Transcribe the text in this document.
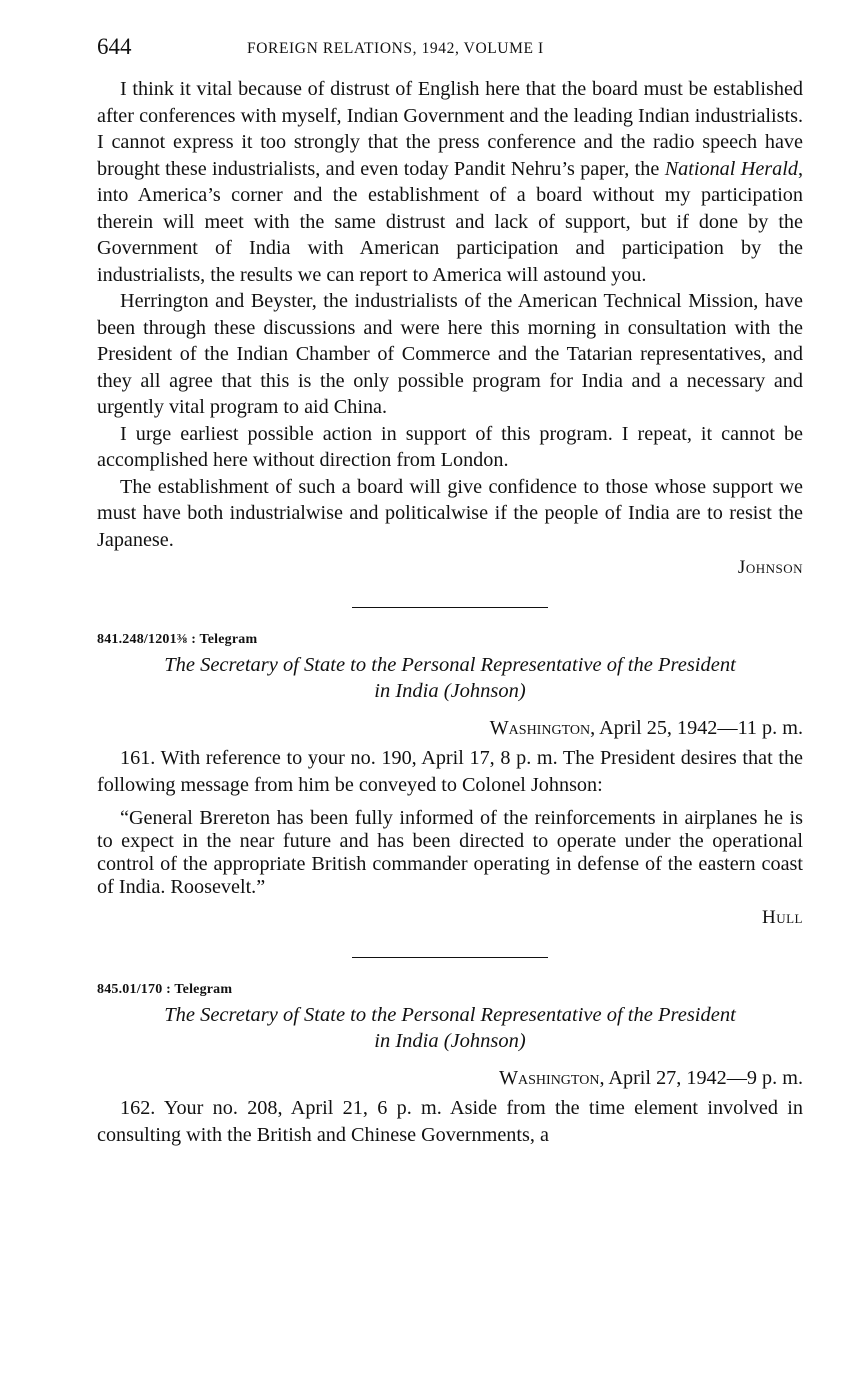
644	FOREIGN RELATIONS, 1942, VOLUME I

I think it vital because of distrust of English here that the board must be established after conferences with myself, Indian Government and the leading Indian industrialists. I cannot express it too strongly that the press conference and the radio speech have brought these industrialists, and even today Pandit Nehru’s paper, the National Herald, into America’s corner and the establishment of a board without my participation therein will meet with the same distrust and lack of support, but if done by the Government of India with American participation and participation by the industrialists, the results we can report to America will astound you.

Herrington and Beyster, the industrialists of the American Technical Mission, have been through these discussions and were here this morning in consultation with the President of the Indian Chamber of Commerce and the Tatarian representatives, and they all agree that this is the only possible program for India and a necessary and urgently vital program to aid China.

I urge earliest possible action in support of this program. I repeat, it cannot be accomplished here without direction from London.

The establishment of such a board will give confidence to those whose support we must have both industrialwise and politicalwise if the people of India are to resist the Japanese.

Johnson
841.248/1201⅜ : Telegram
The Secretary of State to the Personal Representative of the President
in India (Johnson)
Washington, April 25, 1942—11 p. m.

161. With reference to your no. 190, April 17, 8 p. m. The President desires that the following message from him be conveyed to Colonel Johnson:

“General Brereton has been fully informed of the reinforcements in airplanes he is to expect in the near future and has been directed to operate under the operational control of the appropriate British commander operating in defense of the eastern coast of India. Roosevelt.”

Hull
845.01/170 : Telegram
The Secretary of State to the Personal Representative of the President
in India (Johnson)
Washington, April 27, 1942—9 p. m.

162. Your no. 208, April 21, 6 p. m. Aside from the time element involved in consulting with the British and Chinese Governments, a
